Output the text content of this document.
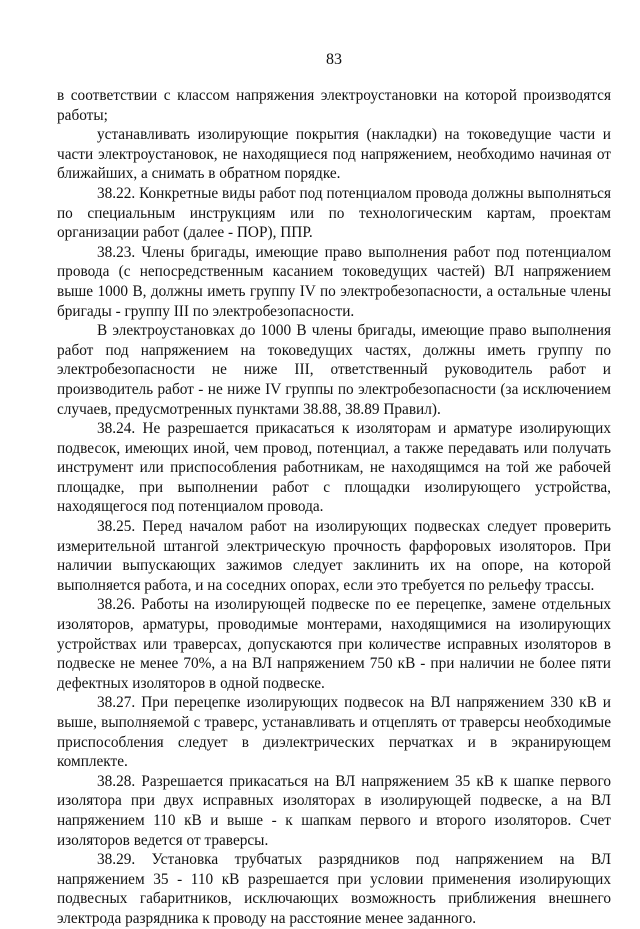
83

в соответствии с классом напряжения электроустановки на которой производятся работы;

устанавливать изолирующие покрытия (накладки) на токоведущие части и части электроустановок, не находящиеся под напряжением, необходимо начиная от ближайших, а снимать в обратном порядке.

38.22. Конкретные виды работ под потенциалом провода должны выполняться по специальным инструкциям или по технологическим картам, проектам организации работ (далее - ПОР), ППР.

38.23. Члены бригады, имеющие право выполнения работ под потенциалом провода (с непосредственным касанием токоведущих частей) ВЛ напряжением выше 1000 В, должны иметь группу IV по электробезопасности, а остальные члены бригады - группу III по электробезопасности.

В электроустановках до 1000 В члены бригады, имеющие право выполнения работ под напряжением на токоведущих частях, должны иметь группу по электробезопасности не ниже III, ответственный руководитель работ и производитель работ - не ниже IV группы по электробезопасности (за исключением случаев, предусмотренных пунктами 38.88, 38.89 Правил).

38.24. Не разрешается прикасаться к изоляторам и арматуре изолирующих подвесок, имеющих иной, чем провод, потенциал, а также передавать или получать инструмент или приспособления работникам, не находящимся на той же рабочей площадке, при выполнении работ с площадки изолирующего устройства, находящегося под потенциалом провода.

38.25. Перед началом работ на изолирующих подвесках следует проверить измерительной штангой электрическую прочность фарфоровых изоляторов. При наличии выпускающих зажимов следует заклинить их на опоре, на которой выполняется работа, и на соседних опорах, если это требуется по рельефу трассы.

38.26. Работы на изолирующей подвеске по ее перецепке, замене отдельных изоляторов, арматуры, проводимые монтерами, находящимися на изолирующих устройствах или траверсах, допускаются при количестве исправных изоляторов в подвеске не менее 70%, а на ВЛ напряжением 750 кВ - при наличии не более пяти дефектных изоляторов в одной подвеске.

38.27. При перецепке изолирующих подвесок на ВЛ напряжением 330 кВ и выше, выполняемой с траверс, устанавливать и отцеплять от траверсы необходимые приспособления следует в диэлектрических перчатках и в экранирующем комплекте.

38.28. Разрешается прикасаться на ВЛ напряжением 35 кВ к шапке первого изолятора при двух исправных изоляторах в изолирующей подвеске, а на ВЛ напряжением 110 кВ и выше - к шапкам первого и второго изоляторов. Счет изоляторов ведется от траверсы.

38.29. Установка трубчатых разрядников под напряжением на ВЛ напряжением 35 - 110 кВ разрешается при условии применения изолирующих подвесных габаритников, исключающих возможность приближения внешнего электрода разрядника к проводу на расстояние менее заданного.
